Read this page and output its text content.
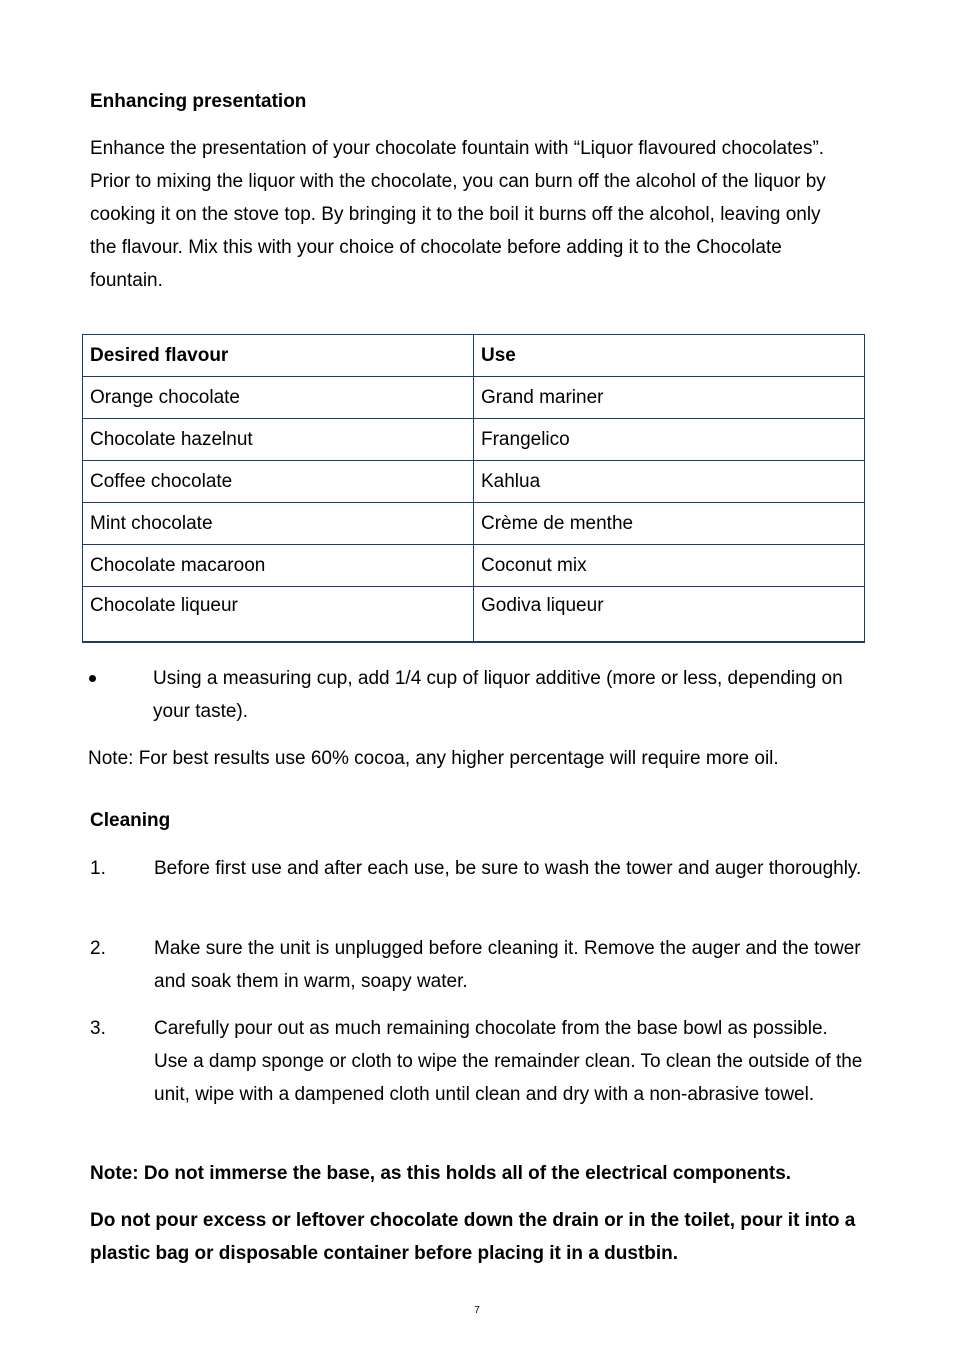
Enhancing presentation
Enhance the presentation of your chocolate fountain with “Liquor flavoured chocolates”. Prior to mixing the liquor with the chocolate, you can burn off the alcohol of the liquor by cooking it on the stove top. By bringing it to the boil it burns off the alcohol, leaving only the flavour. Mix this with your choice of chocolate before adding it to the Chocolate fountain.
Desired flavour	Use
Orange chocolate	Grand mariner
Chocolate hazelnut	Frangelico
Coffee chocolate	Kahlua
Mint chocolate	Crème de menthe
Chocolate macaroon	Coconut mix
Chocolate liqueur	Godiva liqueur
Using a measuring cup, add 1/4 cup of liquor additive (more or less, depending on your taste).
Note: For best results use 60% cocoa, any higher percentage will require more oil.
Cleaning
1.	Before first use and after each use, be sure to wash the tower and auger thoroughly.
2.	Make sure the unit is unplugged before cleaning it. Remove the auger and the tower and soak them in warm, soapy water.
3.	Carefully pour out as much remaining chocolate from the base bowl as possible. Use a damp sponge or cloth to wipe the remainder clean. To clean the outside of the unit, wipe with a dampened cloth until clean and dry with a non-abrasive towel.
Note: Do not immerse the base, as this holds all of the electrical components.
Do not pour excess or leftover chocolate down the drain or in the toilet, pour it into a plastic bag or disposable container before placing it in a dustbin.
7
